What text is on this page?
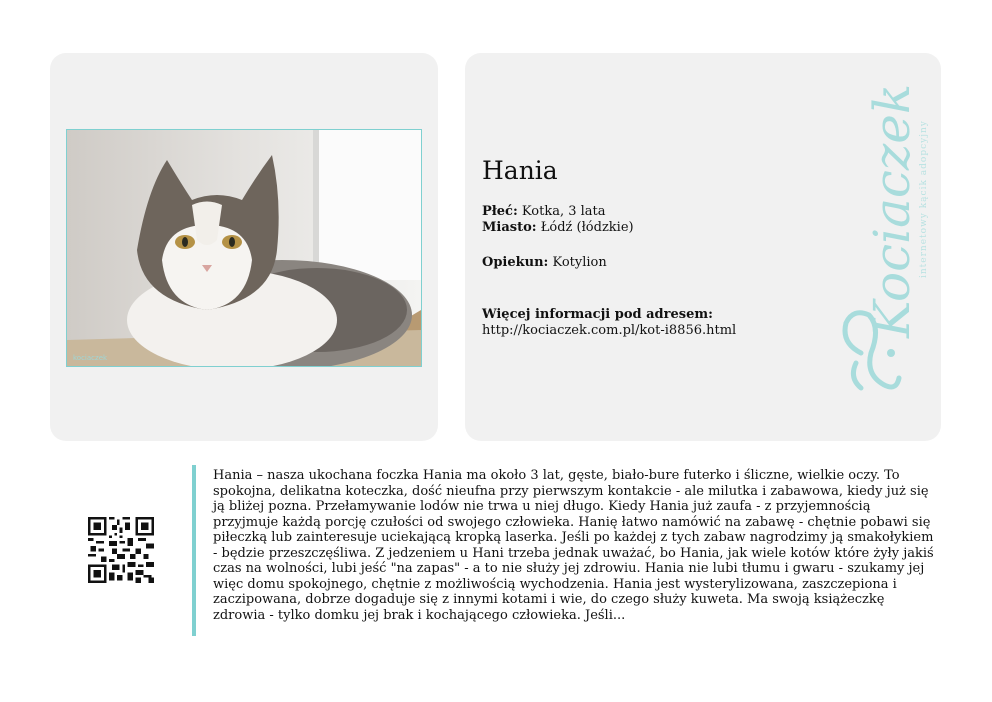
kociaczek
Hania
Płeć: Kotka, 3 lata
Miasto: Łódź (łódzkie)
Opiekun: Kotylion
Więcej informacji pod adresem:
http://kociaczek.com.pl/kot-i8856.html	Kociaczek
internetowy kącik adopcyjny

Hania – nasza ukochana foczka Hania ma około 3 lat, gęste, biało-bure futerko i śliczne, wielkie oczy. To spokojna, delikatna koteczka, dość nieufna przy pierwszym kontakcie - ale milutka i zabawowa, kiedy już się ją bliżej pozna. Przełamywanie lodów nie trwa u niej długo. Kiedy Hania już zaufa - z przyjemnością przyjmuje każdą porcję czułości od swojego człowieka. Hanię łatwo namówić na zabawę - chętnie pobawi się piłeczką lub zainteresuje uciekającą kropką laserka. Jeśli po każdej z tych zabaw nagrodzimy ją smakołykiem - będzie przeszczęśliwa. Z jedzeniem u Hani trzeba jednak uważać, bo Hania, jak wiele kotów które żyły jakiś czas na wolności, lubi jeść "na zapas" - a to nie służy jej zdrowiu. Hania nie lubi tłumu i gwaru - szukamy jej więc domu spokojnego, chętnie z możliwością wychodzenia. Hania jest wysterylizowana, zaszczepiona i zaczipowana, dobrze dogaduje się z innymi kotami i wie, do czego służy kuweta. Ma swoją książeczkę zdrowia - tylko domku jej brak i kochającego człowieka. Jeśli...
